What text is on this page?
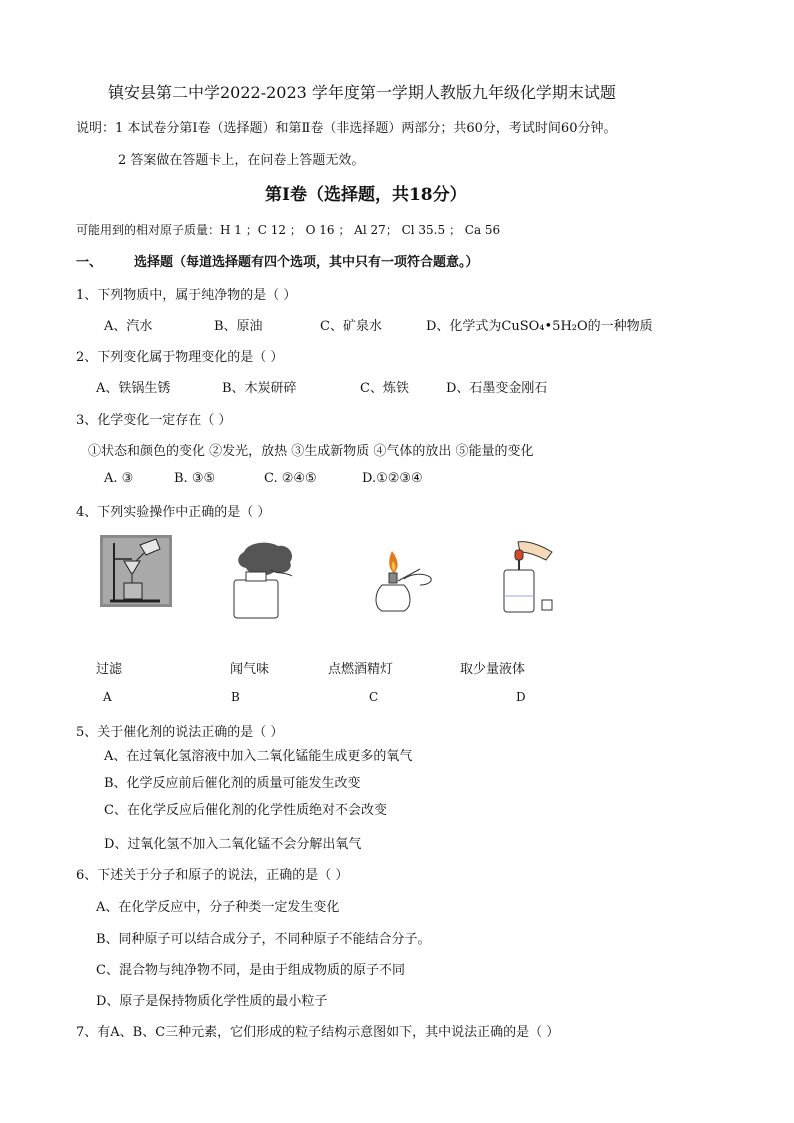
镇安县第二中学2022-2023 学年度第一学期人教版九年级化学期末试题
说明：1 本试卷分第Ⅰ卷（选择题）和第Ⅱ卷（非选择题）两部分；共60分，考试时间60分钟。
2 答案做在答题卡上，在问卷上答题无效。
第Ⅰ卷（选择题，共18分）
可能用到的相对原子质量：H 1 ；C 12 ； O 16 ； Al 27； Cl 35.5 ； Ca 56
一、 选择题（每道选择题有四个选项，其中只有一项符合题意。）
1、下列物质中，属于纯净物的是（ ）
A、汽水	B、原油	C、矿泉水	D、化学式为CuSO₄•5H₂O的一种物质
2、下列变化属于物理变化的是（ ）
A、铁锅生锈	B、木炭研碎	C、炼铁	D、石墨变金刚石
3、化学变化一定存在（ ）
①状态和颜色的变化 ②发光，放热 ③生成新物质 ④气体的放出 ⑤能量的变化
A. ③	B. ③⑤	C. ②④⑤	D.①②③④
4、下列实验操作中正确的是（ ）
过滤	闻气味	点燃酒精灯	取少量液体
A	B	C	D
5、关于催化剂的说法正确的是（ ）
A、在过氧化氢溶液中加入二氧化锰能生成更多的氧气
B、化学反应前后催化剂的质量可能发生改变
C、在化学反应后催化剂的化学性质绝对不会改变
D、过氧化氢不加入二氧化锰不会分解出氧气
6、下述关于分子和原子的说法，正确的是（ ）
A、在化学反应中，分子种类一定发生变化
B、同种原子可以结合成分子，不同种原子不能结合分子。
C、混合物与纯净物不同，是由于组成物质的原子不同
D、原子是保持物质化学性质的最小粒子
7、有A、B、C三种元素，它们形成的粒子结构示意图如下，其中说法正确的是（ ）
